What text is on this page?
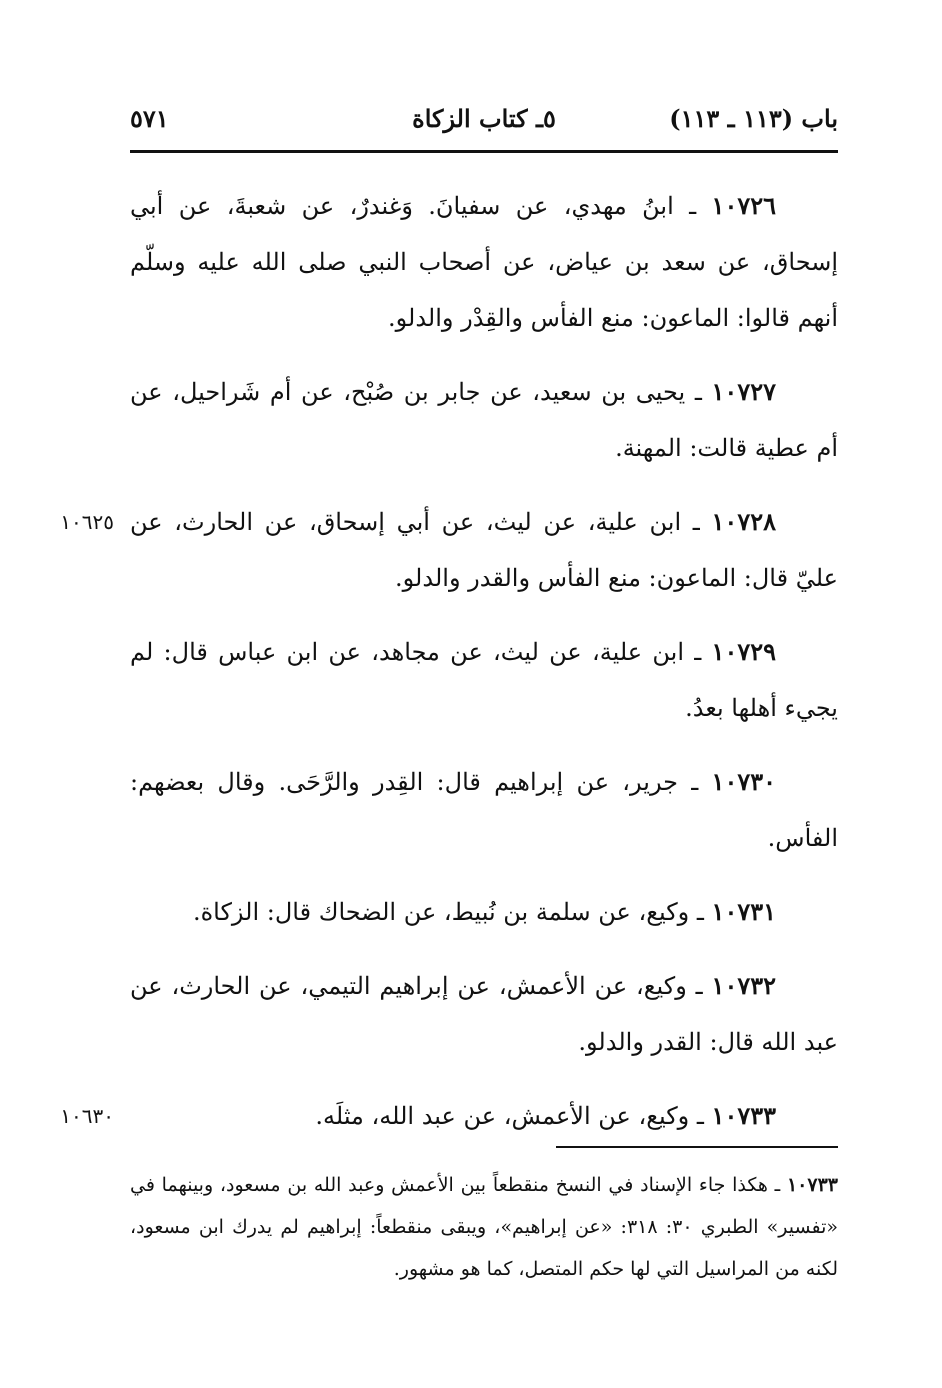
باب (١١٣ ـ ١١٣)
٥ـ كتاب الزكاة
٥٧١
١٠٧٢٦ ـ ابنُ مهدي، عن سفيانَ. وَغندرٌ، عن شعبةَ، عن أبي إسحاق، عن سعد بن عياض، عن أصحاب النبي صلى الله عليه وسلّم أنهم قالوا: الماعون: منع الفأس والقِدْر والدلو.
١٠٧٢٧ ـ يحيى بن سعيد، عن جابر بن صُبْح، عن أم شَراحيل، عن أم عطية قالت: المهنة.
١٠٦٢٥	١٠٧٢٨ ـ ابن علية، عن ليث، عن أبي إسحاق، عن الحارث، عن عليّ قال: الماعون: منع الفأس والقدر والدلو.
١٠٧٢٩ ـ ابن علية، عن ليث، عن مجاهد، عن ابن عباس قال: لم يجيء أهلها بعدُ.
١٠٧٣٠ ـ جرير، عن إبراهيم قال: القِدر والرَّحَى. وقال بعضهم: الفأس.
١٠٧٣١ ـ وكيع، عن سلمة بن نُبيط، عن الضحاك قال: الزكاة.
١٠٧٣٢ ـ وكيع، عن الأعمش، عن إبراهيم التيمي، عن الحارث، عن عبد الله قال: القدر والدلو.
١٠٦٣٠	١٠٧٣٣ ـ وكيع، عن الأعمش، عن عبد الله، مثلَه.
١٠٧٣٣ ـ هكذا جاء الإسناد في النسخ منقطعاً بين الأعمش وعبد الله بن مسعود، وبينهما في «تفسير» الطبري ٣٠: ٣١٨: «عن إبراهيم»، ويبقى منقطعاً: إبراهيم لم يدرك ابن مسعود، لكنه من المراسيل التي لها حكم المتصل، كما هو مشهور.
